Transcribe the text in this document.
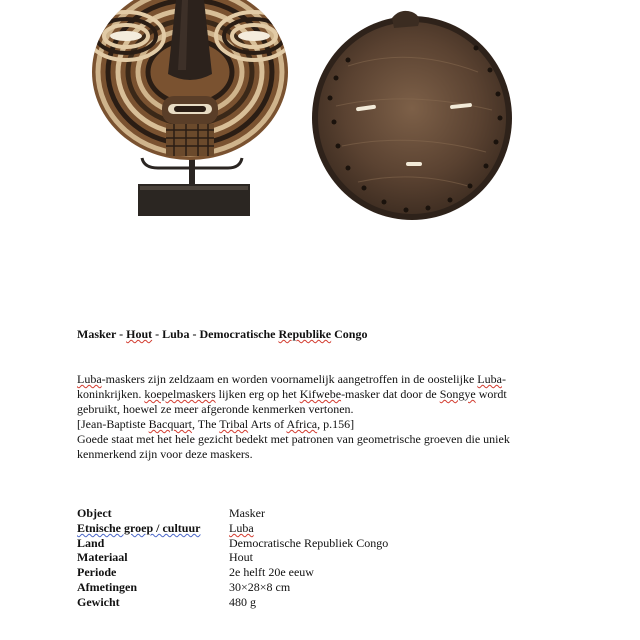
Masker - Hout - Luba - Democratische Republike Congo
Luba-maskers zijn zeldzaam en worden voornamelijk aangetroffen in de oostelijke Luba-
koninkrijken. koepelmaskers lijken erg op het Kifwebe-masker dat door de Songye wordt
gebruikt, hoewel ze meer afgeronde kenmerken vertonen.
[Jean-Baptiste Bacquart, The Tribal Arts of Africa, p.156]
Goede staat met het hele gezicht bedekt met patronen van geometrische groeven die uniek
kenmerkend zijn voor deze maskers.
Object	Masker
Etnische groep / cultuur	Luba
Land	Democratische Republiek Congo
Materiaal	Hout
Periode	2e helft 20e eeuw
Afmetingen	30×28×8 cm
Gewicht	480 g
